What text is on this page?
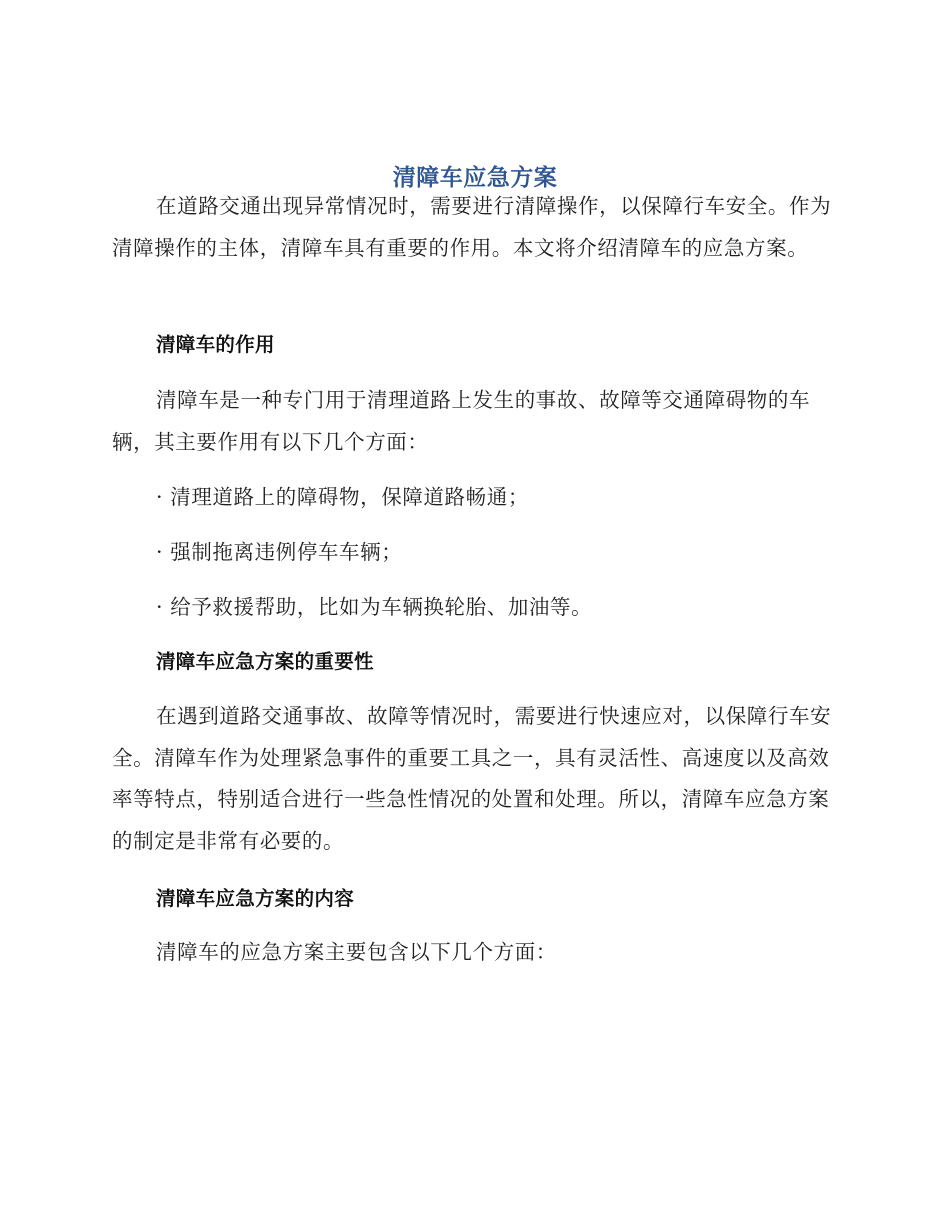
清障车应急方案

在道路交通出现异常情况时，需要进行清障操作，以保障行车安全。作为清障操作的主体，清障车具有重要的作用。本文将介绍清障车的应急方案。

清障车的作用

清障车是一种专门用于清理道路上发生的事故、故障等交通障碍物的车辆，其主要作用有以下几个方面：

· 清理道路上的障碍物，保障道路畅通；

· 强制拖离违例停车车辆；

· 给予救援帮助，比如为车辆换轮胎、加油等。

清障车应急方案的重要性

在遇到道路交通事故、故障等情况时，需要进行快速应对，以保障行车安全。清障车作为处理紧急事件的重要工具之一，具有灵活性、高速度以及高效率等特点，特别适合进行一些急性情况的处置和处理。所以，清障车应急方案的制定是非常有必要的。

清障车应急方案的内容

清障车的应急方案主要包含以下几个方面：
